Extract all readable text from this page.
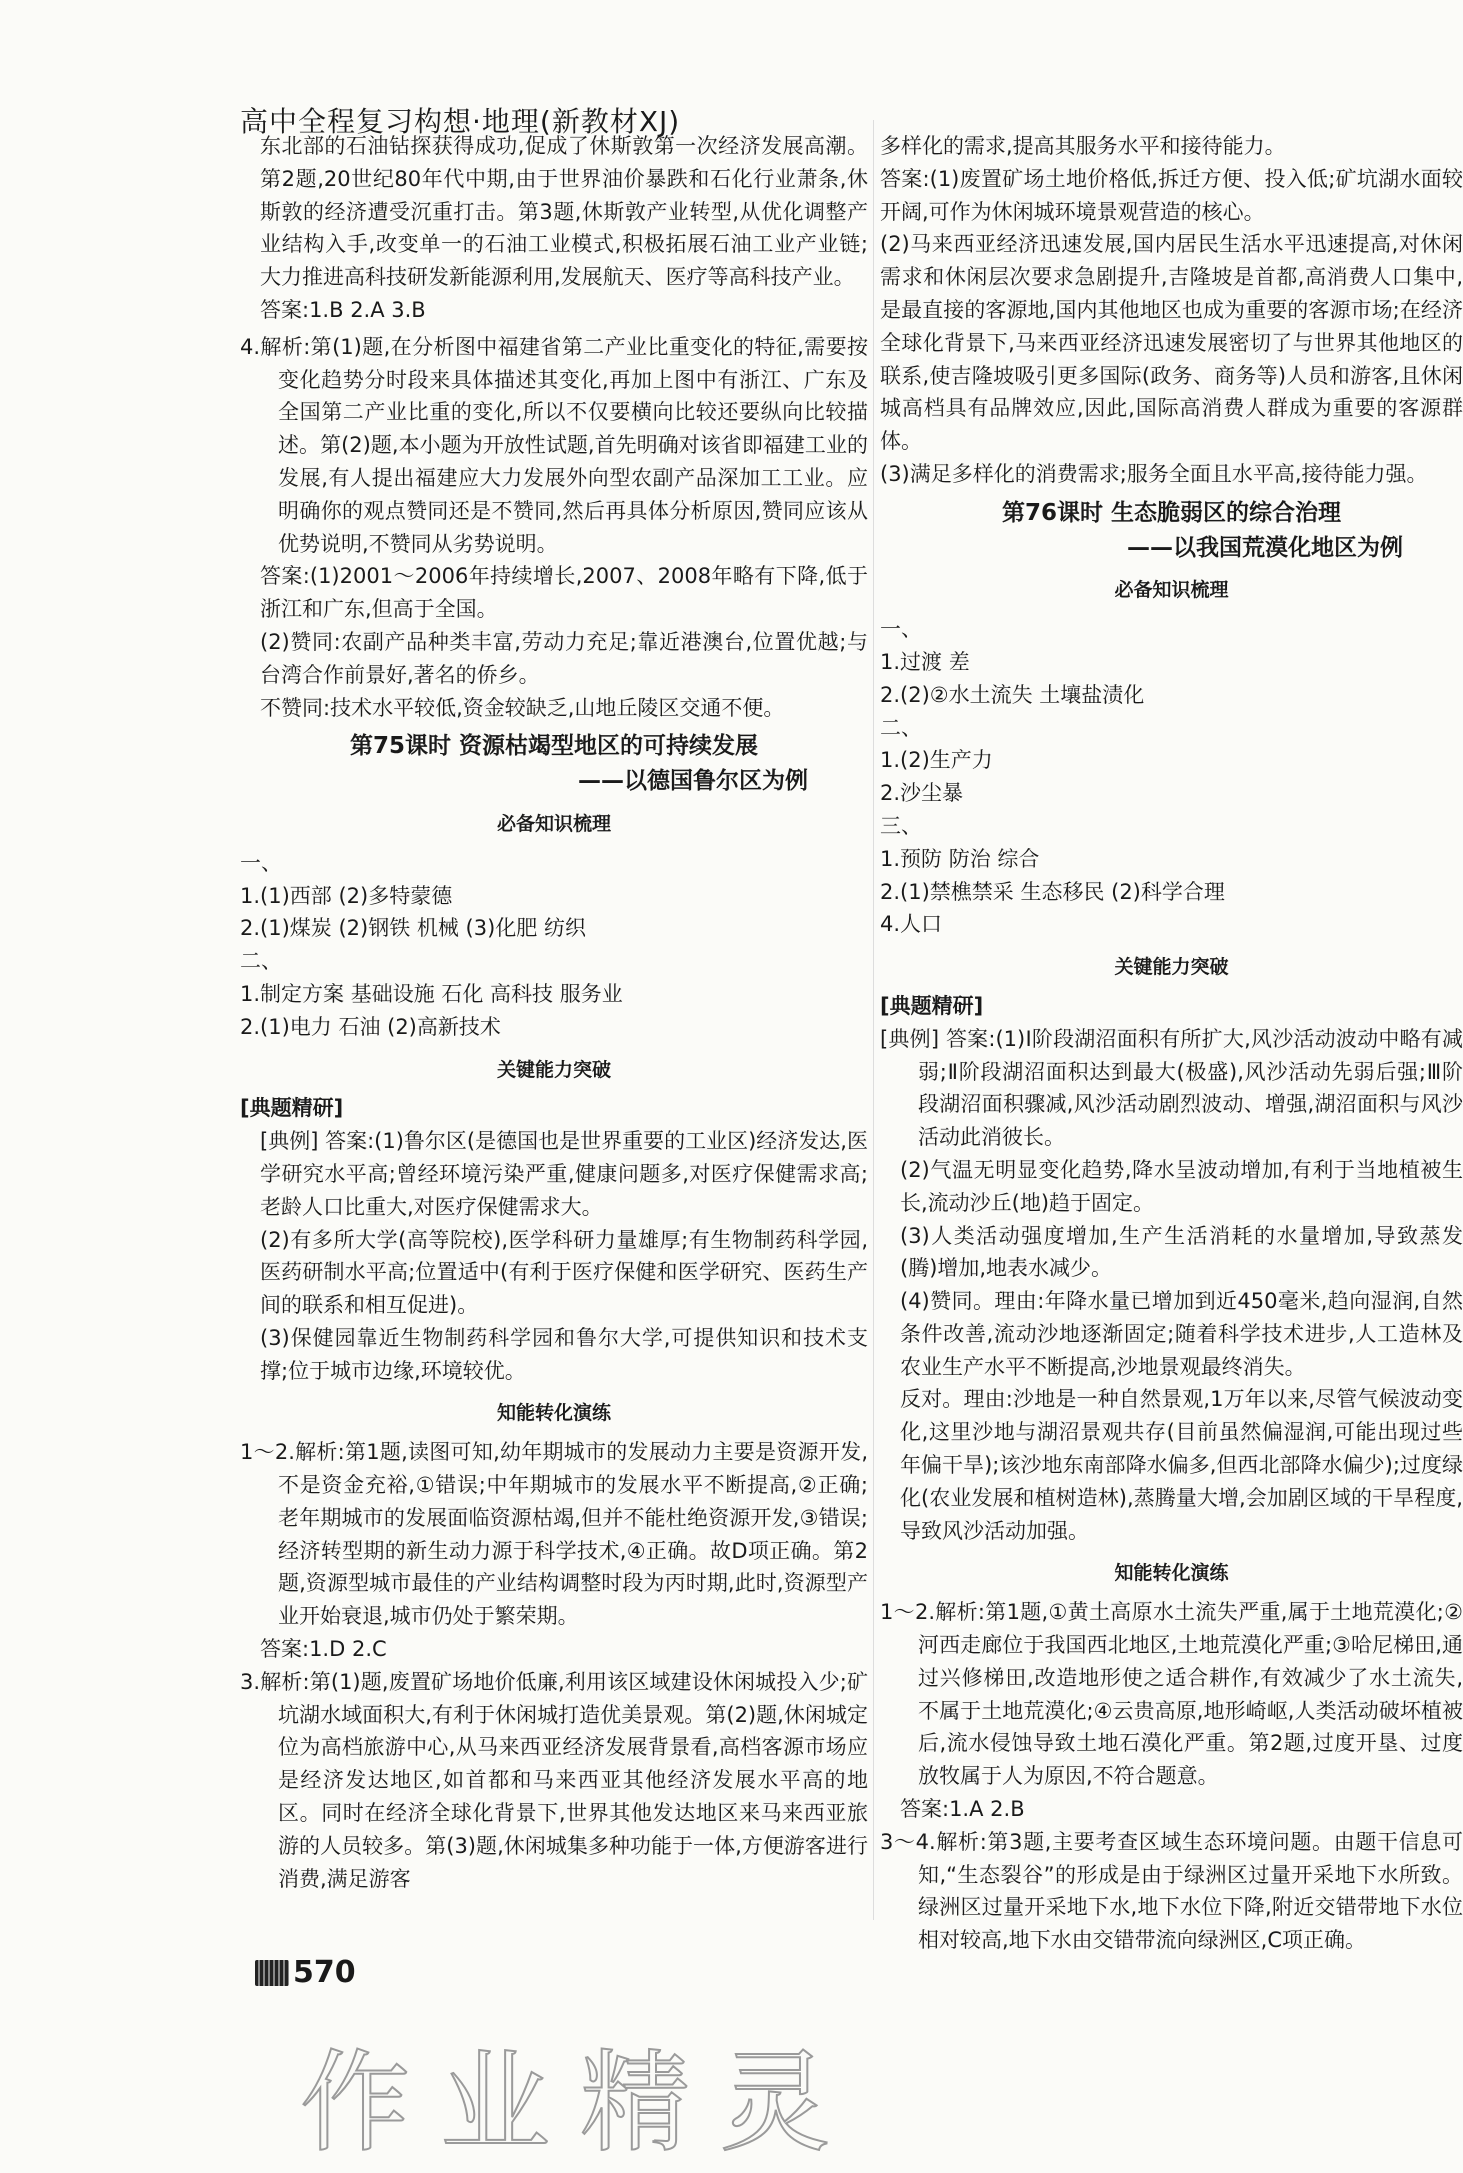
高中全程复习构想·地理(新教材XJ)

东北部的石油钻探获得成功,促成了休斯敦第一次经济发展高潮。第2题,20世纪80年代中期,由于世界油价暴跌和石化行业萧条,休斯敦的经济遭受沉重打击。第3题,休斯敦产业转型,从优化调整产业结构入手,改变单一的石油工业模式,积极拓展石油工业产业链;大力推进高科技研发新能源利用,发展航天、医疗等高科技产业。

答案:1.B 2.A 3.B

4.解析:第(1)题,在分析图中福建省第二产业比重变化的特征,需要按变化趋势分时段来具体描述其变化,再加上图中有浙江、广东及全国第二产业比重的变化,所以不仅要横向比较还要纵向比较描述。第(2)题,本小题为开放性试题,首先明确对该省即福建工业的发展,有人提出福建应大力发展外向型农副产品深加工工业。应明确你的观点赞同还是不赞同,然后再具体分析原因,赞同应该从优势说明,不赞同从劣势说明。

答案:(1)2001～2006年持续增长,2007、2008年略有下降,低于浙江和广东,但高于全国。

(2)赞同:农副产品种类丰富,劳动力充足;靠近港澳台,位置优越;与台湾合作前景好,著名的侨乡。

不赞同:技术水平较低,资金较缺乏,山地丘陵区交通不便。

第75课时 资源枯竭型地区的可持续发展
——以德国鲁尔区为例
必备知识梳理

一、

1.(1)西部 (2)多特蒙德

2.(1)煤炭 (2)钢铁 机械 (3)化肥 纺织

二、

1.制定方案 基础设施 石化 高科技 服务业

2.(1)电力 石油 (2)高新技术

关键能力突破

[典题精研]

[典例] 答案:(1)鲁尔区(是德国也是世界重要的工业区)经济发达,医学研究水平高;曾经环境污染严重,健康问题多,对医疗保健需求高;老龄人口比重大,对医疗保健需求大。

(2)有多所大学(高等院校),医学科研力量雄厚;有生物制药科学园,医药研制水平高;位置适中(有利于医疗保健和医学研究、医药生产间的联系和相互促进)。

(3)保健园靠近生物制药科学园和鲁尔大学,可提供知识和技术支撑;位于城市边缘,环境较优。

知能转化演练

1～2.解析:第1题,读图可知,幼年期城市的发展动力主要是资源开发,不是资金充裕,①错误;中年期城市的发展水平不断提高,②正确;老年期城市的发展面临资源枯竭,但并不能杜绝资源开发,③错误;经济转型期的新生动力源于科学技术,④正确。故D项正确。第2题,资源型城市最佳的产业结构调整时段为丙时期,此时,资源型产业开始衰退,城市仍处于繁荣期。

答案:1.D 2.C

3.解析:第(1)题,废置矿场地价低廉,利用该区域建设休闲城投入少;矿坑湖水域面积大,有利于休闲城打造优美景观。第(2)题,休闲城定位为高档旅游中心,从马来西亚经济发展背景看,高档客源市场应是经济发达地区,如首都和马来西亚其他经济发展水平高的地区。同时在经济全球化背景下,世界其他发达地区来马来西亚旅游的人员较多。第(3)题,休闲城集多种功能于一体,方便游客进行消费,满足游客

多样化的需求,提高其服务水平和接待能力。

答案:(1)废置矿场土地价格低,拆迁方便、投入低;矿坑湖水面较开阔,可作为休闲城环境景观营造的核心。

(2)马来西亚经济迅速发展,国内居民生活水平迅速提高,对休闲需求和休闲层次要求急剧提升,吉隆坡是首都,高消费人口集中,是最直接的客源地,国内其他地区也成为重要的客源市场;在经济全球化背景下,马来西亚经济迅速发展密切了与世界其他地区的联系,使吉隆坡吸引更多国际(政务、商务等)人员和游客,且休闲城高档具有品牌效应,因此,国际高消费人群成为重要的客源群体。

(3)满足多样化的消费需求;服务全面且水平高,接待能力强。

第76课时 生态脆弱区的综合治理
——以我国荒漠化地区为例
必备知识梳理

一、

1.过渡 差

2.(2)②水土流失 土壤盐渍化

二、

1.(2)生产力

2.沙尘暴

三、

1.预防 防治 综合

2.(1)禁樵禁采 生态移民 (2)科学合理

4.人口

关键能力突破

[典题精研]

[典例] 答案:(1)Ⅰ阶段湖沼面积有所扩大,风沙活动波动中略有减弱;Ⅱ阶段湖沼面积达到最大(极盛),风沙活动先弱后强;Ⅲ阶段湖沼面积骤减,风沙活动剧烈波动、增强,湖沼面积与风沙活动此消彼长。

(2)气温无明显变化趋势,降水呈波动增加,有利于当地植被生长,流动沙丘(地)趋于固定。

(3)人类活动强度增加,生产生活消耗的水量增加,导致蒸发(腾)增加,地表水减少。

(4)赞同。理由:年降水量已增加到近450毫米,趋向湿润,自然条件改善,流动沙地逐渐固定;随着科学技术进步,人工造林及农业生产水平不断提高,沙地景观最终消失。

反对。理由:沙地是一种自然景观,1万年以来,尽管气候波动变化,这里沙地与湖沼景观共存(目前虽然偏湿润,可能出现过些年偏干旱);该沙地东南部降水偏多,但西北部降水偏少);过度绿化(农业发展和植树造林),蒸腾量大增,会加剧区域的干旱程度,导致风沙活动加强。

知能转化演练

1～2.解析:第1题,①黄土高原水土流失严重,属于土地荒漠化;②河西走廊位于我国西北地区,土地荒漠化严重;③哈尼梯田,通过兴修梯田,改造地形使之适合耕作,有效减少了水土流失,不属于土地荒漠化;④云贵高原,地形崎岖,人类活动破坏植被后,流水侵蚀导致土地石漠化严重。第2题,过度开垦、过度放牧属于人为原因,不符合题意。

答案:1.A 2.B

3～4.解析:第3题,主要考查区域生态环境问题。由题干信息可知,“生态裂谷”的形成是由于绿洲区过量开采地下水所致。绿洲区过量开采地下水,地下水位下降,附近交错带地下水位相对较高,地下水由交错带流向绿洲区,C项正确。

570
作业精灵
